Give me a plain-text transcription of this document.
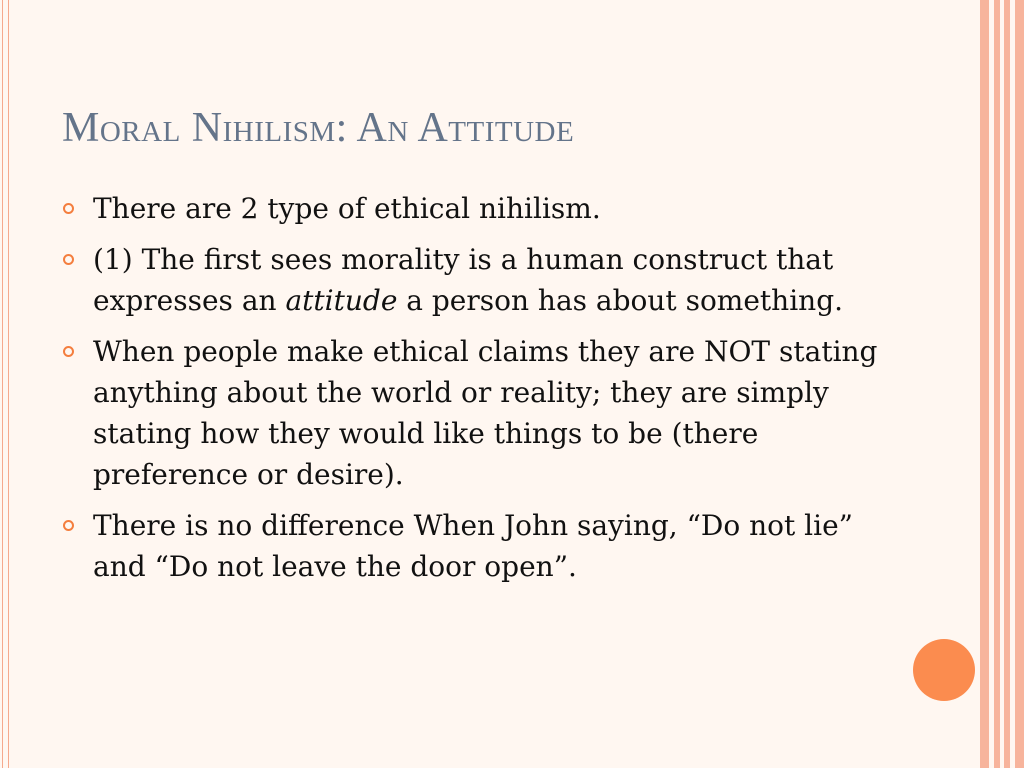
Moral Nihilism: An Attitude
There are 2 type of ethical nihilism.
(1) The first sees morality is a human construct that expresses an attitude a person has about something.
When people make ethical claims they are NOT stating anything about the world or reality; they are simply stating how they would like things to be (there preference or desire).
There is no difference When John saying, “Do not lie” and “Do not leave the door open”.
